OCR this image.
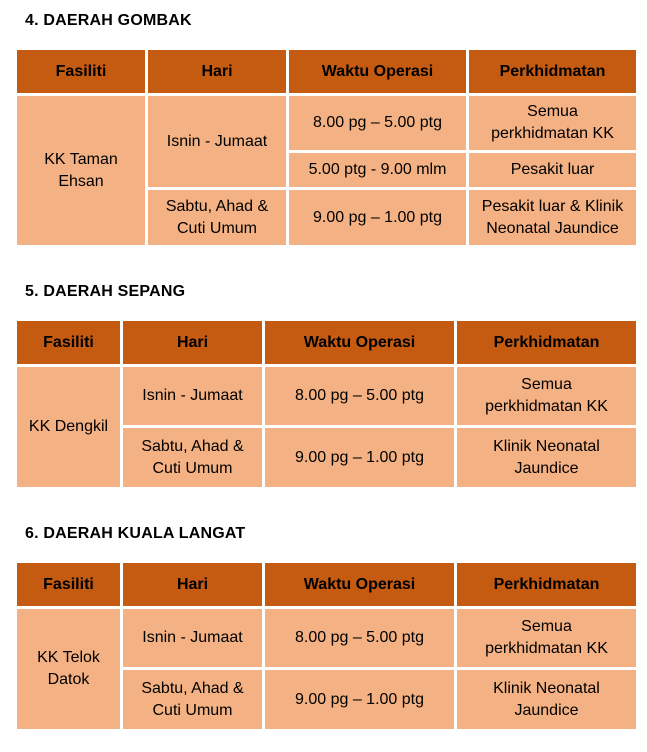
4. DAERAH GOMBAK
Fasiliti	Hari	Waktu Operasi	Perkhidmatan
KK Taman Ehsan	Isnin - Jumaat	8.00 pg – 5.00 ptg	Semua perkhidmatan KK
		5.00 ptg - 9.00 mlm	Pesakit luar
	Sabtu, Ahad & Cuti Umum	9.00 pg – 1.00 ptg	Pesakit luar & Klinik Neonatal Jaundice
5. DAERAH SEPANG
Fasiliti	Hari	Waktu Operasi	Perkhidmatan
KK Dengkil	Isnin - Jumaat	8.00 pg – 5.00 ptg	Semua perkhidmatan KK
	Sabtu, Ahad & Cuti Umum	9.00 pg – 1.00 ptg	Klinik Neonatal Jaundice
6. DAERAH KUALA LANGAT
Fasiliti	Hari	Waktu Operasi	Perkhidmatan
KK Telok Datok	Isnin - Jumaat	8.00 pg – 5.00 ptg	Semua perkhidmatan KK
	Sabtu, Ahad & Cuti Umum	9.00 pg – 1.00 ptg	Klinik Neonatal Jaundice
